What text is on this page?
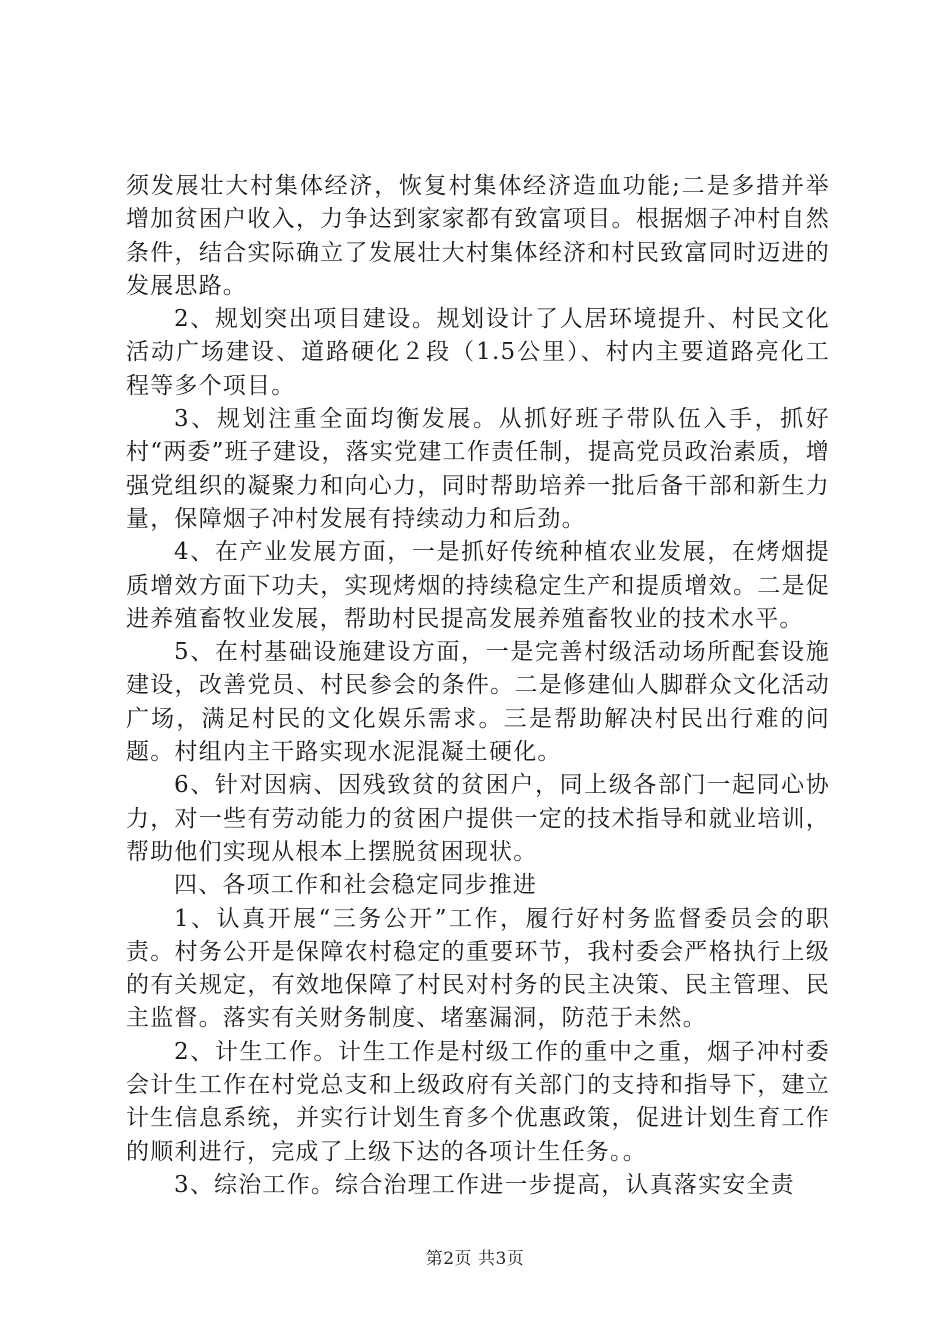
须发展壮大村集体经济，恢复村集体经济造血功能;二是多措并举增加贫困户收入，力争达到家家都有致富项目。根据烟子冲村自然条件，结合实际确立了发展壮大村集体经济和村民致富同时迈进的发展思路。

2、规划突出项目建设。规划设计了人居环境提升、村民文化活动广场建设、道路硬化２段（1.5公里）、村内主要道路亮化工程等多个项目。

3、规划注重全面均衡发展。从抓好班子带队伍入手，抓好村“两委”班子建设，落实党建工作责任制，提高党员政治素质，增强党组织的凝聚力和向心力，同时帮助培养一批后备干部和新生力量，保障烟子冲村发展有持续动力和后劲。

4、在产业发展方面，一是抓好传统种植农业发展，在烤烟提质增效方面下功夫，实现烤烟的持续稳定生产和提质增效。二是促进养殖畜牧业发展，帮助村民提高发展养殖畜牧业的技术水平。

5、在村基础设施建设方面，一是完善村级活动场所配套设施建设，改善党员、村民参会的条件。二是修建仙人脚群众文化活动广场，满足村民的文化娱乐需求。三是帮助解决村民出行难的问题。村组内主干路实现水泥混凝土硬化。

6、针对因病、因残致贫的贫困户，同上级各部门一起同心协力，对一些有劳动能力的贫困户提供一定的技术指导和就业培训，帮助他们实现从根本上摆脱贫困现状。

四、各项工作和社会稳定同步推进

1、认真开展“三务公开”工作，履行好村务监督委员会的职责。村务公开是保障农村稳定的重要环节，我村委会严格执行上级的有关规定，有效地保障了村民对村务的民主决策、民主管理、民主监督。落实有关财务制度、堵塞漏洞，防范于未然。

2、计生工作。计生工作是村级工作的重中之重，烟子冲村委会计生工作在村党总支和上级政府有关部门的支持和指导下，建立计生信息系统，并实行计划生育多个优惠政策，促进计划生育工作的顺利进行，完成了上级下达的各项计生任务。。

3、综治工作。综合治理工作进一步提高，认真落实安全责

第2页 共3页
